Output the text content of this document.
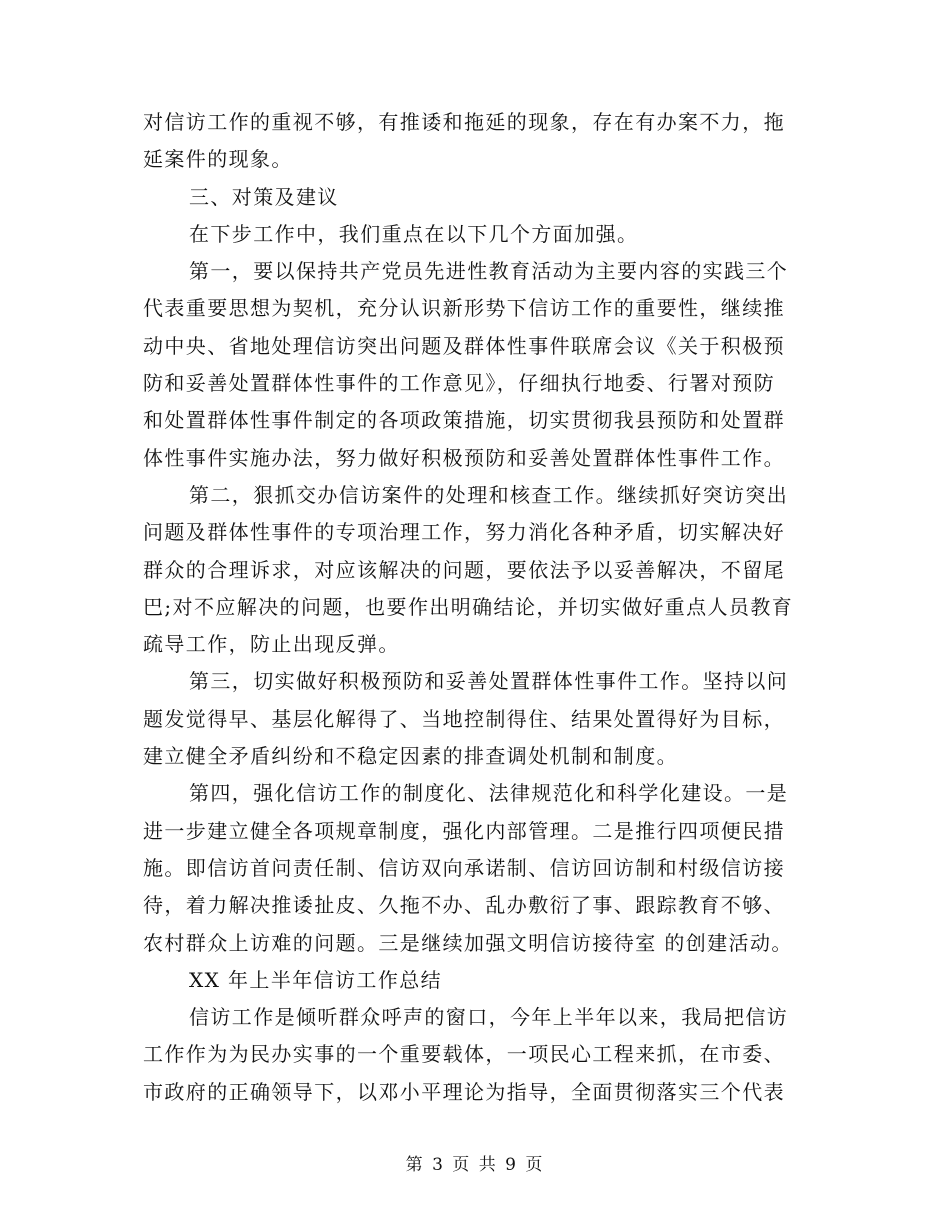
对信访工作的重视不够，有推诿和拖延的现象，存在有办案不力，拖
延案件的现象。
三、对策及建议
在下步工作中，我们重点在以下几个方面加强。
第一，要以保持共产党员先进性教育活动为主要内容的实践三个
代表重要思想为契机，充分认识新形势下信访工作的重要性，继续推
动中央、省地处理信访突出问题及群体性事件联席会议《关于积极预
防和妥善处置群体性事件的工作意见》，仔细执行地委、行署对预防
和处置群体性事件制定的各项政策措施，切实贯彻我县预防和处置群
体性事件实施办法，努力做好积极预防和妥善处置群体性事件工作。
第二，狠抓交办信访案件的处理和核查工作。继续抓好突访突出
问题及群体性事件的专项治理工作，努力消化各种矛盾，切实解决好
群众的合理诉求，对应该解决的问题，要依法予以妥善解决，不留尾
巴;对不应解决的问题，也要作出明确结论，并切实做好重点人员教育
疏导工作，防止出现反弹。
第三，切实做好积极预防和妥善处置群体性事件工作。坚持以问
题发觉得早、基层化解得了、当地控制得住、结果处置得好为目标，
建立健全矛盾纠纷和不稳定因素的排查调处机制和制度。
第四，强化信访工作的制度化、法律规范化和科学化建设。一是
进一步建立健全各项规章制度，强化内部管理。二是推行四项便民措
施。即信访首问责任制、信访双向承诺制、信访回访制和村级信访接
待，着力解决推诿扯皮、久拖不办、乱办敷衍了事、跟踪教育不够、
农村群众上访难的问题。三是继续加强文明信访接待室 的创建活动。
XX 年上半年信访工作总结
信访工作是倾听群众呼声的窗口，今年上半年以来，我局把信访
工作作为为民办实事的一个重要载体，一项民心工程来抓，在市委、
市政府的正确领导下，以邓小平理论为指导，全面贯彻落实三个代表
第 3 页 共 9 页
